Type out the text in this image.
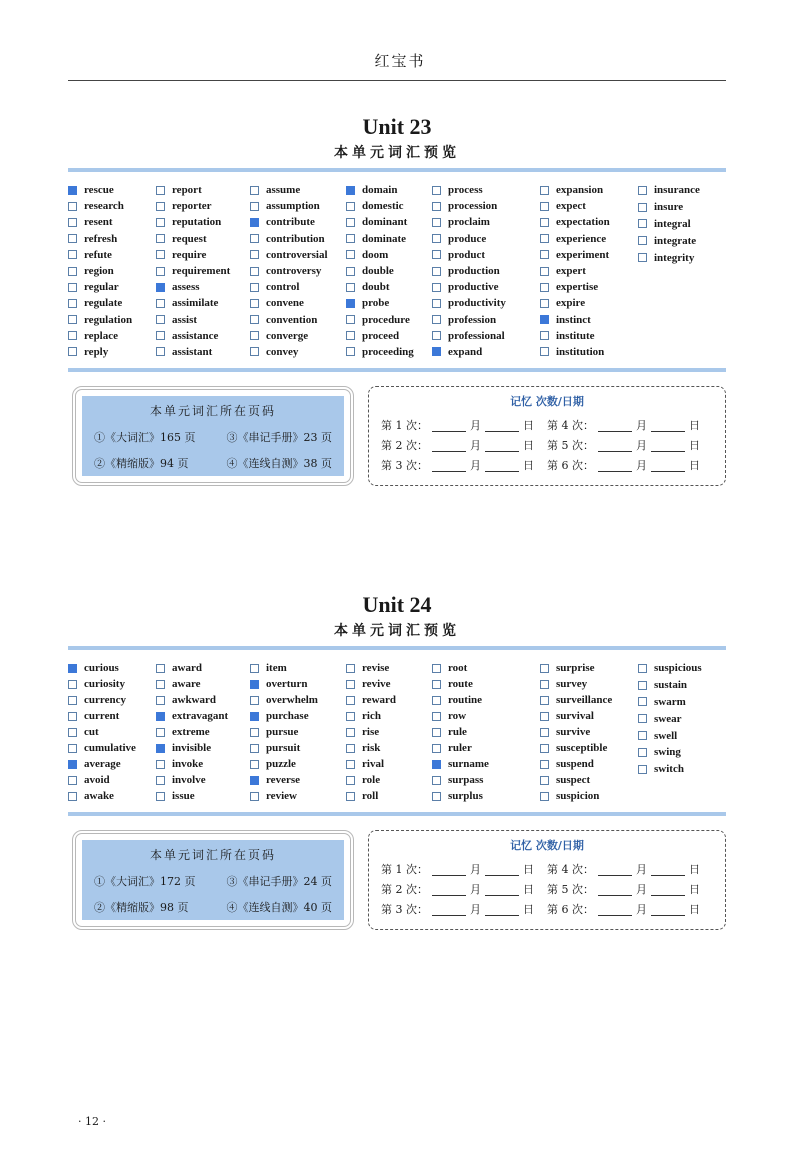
红宝书
Unit 23
本单元词汇预览
rescue
research
resent
refresh
refute
region
regular
regulate
regulation
replace
reply
report
reporter
reputation
request
require
requirement
assess
assimilate
assist
assistance
assistant
assume
assumption
contribute
contribution
controversial
controversy
control
convene
convention
converge
convey
domain
domestic
dominant
dominate
doom
double
doubt
probe
procedure
proceed
proceeding
process
procession
proclaim
produce
product
production
productive
productivity
profession
professional
expand
expansion
expect
expectation
experience
experiment
expert
expertise
expire
instinct
institute
institution
insurance
insure
integral
integrate
integrity
本单元词汇所在页码
①《大词汇》165 页	③《串记手册》23 页
②《精缩版》94 页	④《连线自测》38 页
记忆 次数/日期
第 1 次：	月	日 第 4 次：	月	日
第 2 次：	月	日 第 5 次：	月	日
第 3 次：	月	日 第 6 次：	月	日
Unit 24
本单元词汇预览
curious
curiosity
currency
current
cut
cumulative
average
avoid
awake
award
aware
awkward
extravagant
extreme
invisible
invoke
involve
issue
item
overturn
overwhelm
purchase
pursue
pursuit
puzzle
reverse
review
revise
revive
reward
rich
rise
risk
rival
role
roll
root
route
routine
row
rule
ruler
surname
surpass
surplus
surprise
survey
surveillance
survival
survive
susceptible
suspend
suspect
suspicion
suspicious
sustain
swarm
swear
swell
swing
switch
本单元词汇所在页码
①《大词汇》172 页	③《串记手册》24 页
②《精缩版》98 页	④《连线自测》40 页
记忆 次数/日期
第 1 次：	月	日 第 4 次：	月	日
第 2 次：	月	日 第 5 次：	月	日
第 3 次：	月	日 第 6 次：	月	日
· 12 ·
